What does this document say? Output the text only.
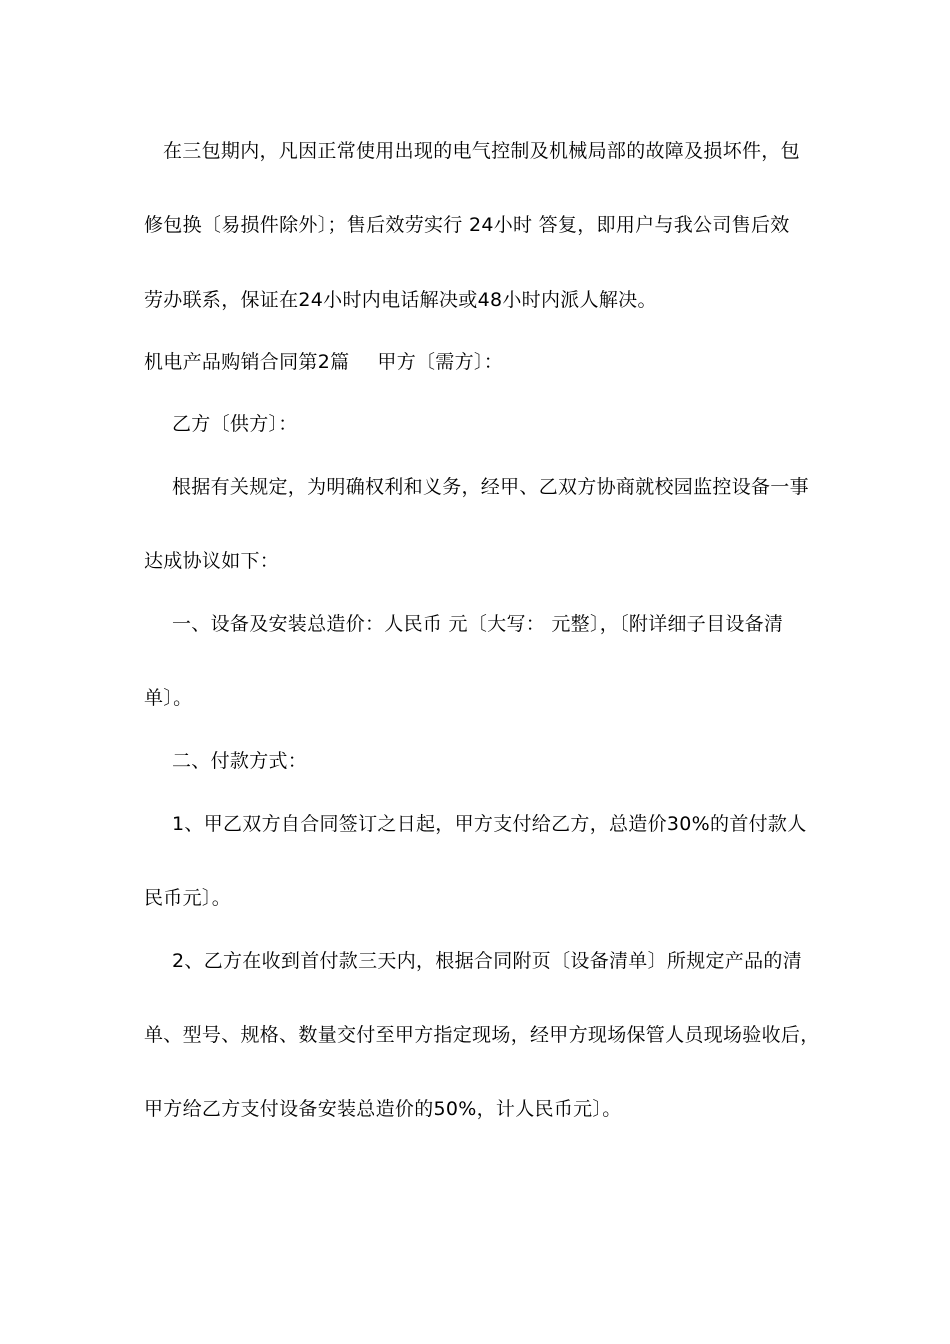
在三包期内，凡因正常使用出现的电气控制及机械局部的故障及损坏件，包
修包换〔易损件除外〕；售后效劳实行 24小时 答复，即用户与我公司售后效
劳办联系，保证在24小时内电话解决或48小时内派人解决。
机电产品购销合同第2篇 甲方〔需方〕：
乙方〔供方〕：
根据有关规定，为明确权利和义务，经甲、乙双方协商就校园监控设备一事
达成协议如下：
一、设备及安装总造价：人民币 元〔大写： 元整〕，〔附详细子目设备清
单〕。
二、付款方式：
1、甲乙双方自合同签订之日起，甲方支付给乙方，总造价30%的首付款人
民币元〕。
2、乙方在收到首付款三天内，根据合同附页〔设备清单〕所规定产品的清
单、型号、规格、数量交付至甲方指定现场，经甲方现场保管人员现场验收后，
甲方给乙方支付设备安装总造价的50%，计人民币元〕。
